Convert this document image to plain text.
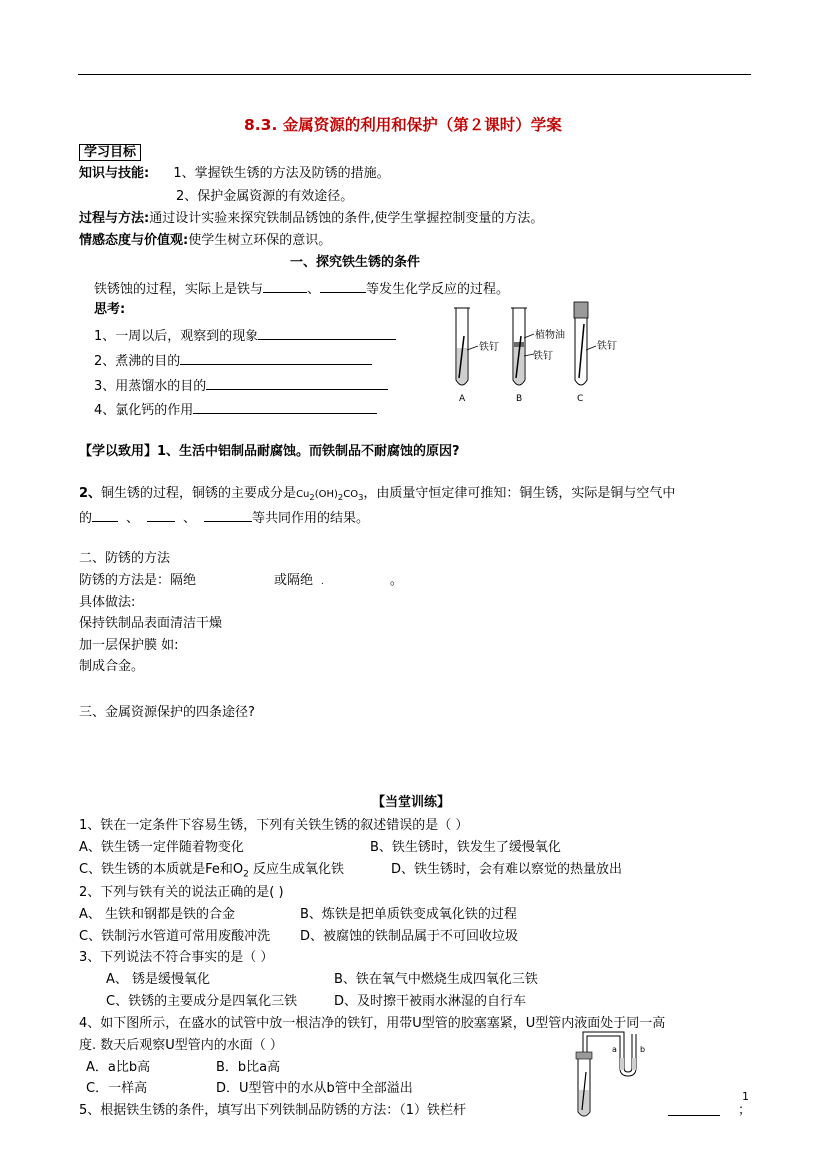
8.3. 金属资源的利用和保护（第２课时）学案
学习目标
知识与技能: 1、掌握铁生锈的方法及防锈的措施。
2、保护金属资源的有效途径。
过程与方法:通过设计实验来探究铁制品锈蚀的条件,使学生掌握控制变量的方法。
情感态度与价值观:使学生树立环保的意识。
一、探究铁生锈的条件
铁锈蚀的过程，实际上是铁与	、	等发生化学反应的过程。
思考:
1、一周以后，观察到的现象
2、煮沸的目的
3、用蒸馏水的目的
4、氯化钙的作用
铁钉
植物油
铁钉
铁钉
A	B	C
【学以致用】1、生活中铝制品耐腐蚀。而铁制品不耐腐蚀的原因?
2、铜生锈的过程，铜锈的主要成分是$Cu_2(OH)_2CO_3$，由质量守恒定律可推知：铜生锈，实际是铜与空气中
的	、	、	等共同作用的结果。
二、防锈的方法
防锈的方法是：隔绝	或隔绝 .	。
具体做法:
保持铁制品表面清洁干燥
加一层保护膜 如:
制成合金。
三、金属资源保护的四条途径?
【当堂训练】
1、铁在一定条件下容易生锈，下列有关铁生锈的叙述错误的是（ ）
A、铁生锈一定伴随着物变化	B、铁生锈时，铁发生了缓慢氧化
C、铁生锈的本质就是Fe和$O_2$ 反应生成氧化铁	D、铁生锈时，会有难以察觉的热量放出
2、下列与铁有关的说法正确的是( )
A、 生铁和钢都是铁的合金	B、炼铁是把单质铁变成氧化铁的过程
C、铁制污水管道可常用废酸冲洗 D、被腐蚀的铁制品属于不可回收垃圾
3、下列说法不符合事实的是（ ）
A、 锈是缓慢氧化	B、铁在氧气中燃烧生成四氧化三铁
C、铁锈的主要成分是四氧化三铁	D、及时擦干被雨水淋湿的自行车
4、如下图所示，在盛水的试管中放一根洁净的铁钉，用带U型管的胶塞塞紧，U型管内液面处于同一高
度. 数天后观察U型管内的水面（ ）
A．a比b高	B．b比a高
C．一样高	D．U型管中的水从b管中全部溢出
5、根据铁生锈的条件，填写出下列铁制品防锈的方法：（1）铁栏杆	；
a	b
1
